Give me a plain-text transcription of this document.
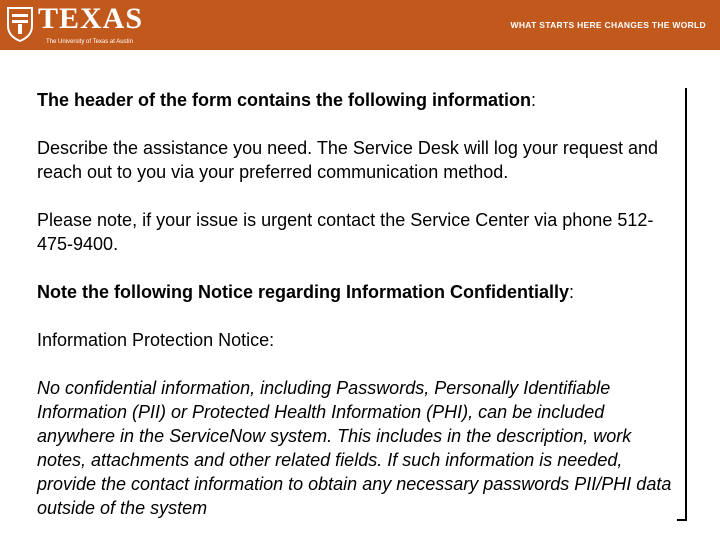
TEXAS
The University of Texas at Austin
WHAT STARTS HERE CHANGES THE WORLD

The header of the form contains the following information:

Describe the assistance you need. The Service Desk will log your request and reach out to you via your preferred communication method.

Please note, if your issue is urgent contact the Service Center via phone 512-475-9400.

Note the following Notice regarding Information Confidentially:

Information Protection Notice:

No confidential information, including Passwords, Personally Identifiable Information (PII) or Protected Health Information (PHI), can be included anywhere in the ServiceNow system. This includes in the description, work notes, attachments and other related fields. If such information is needed, provide the contact information to obtain any necessary passwords PII/PHI data outside of the system
